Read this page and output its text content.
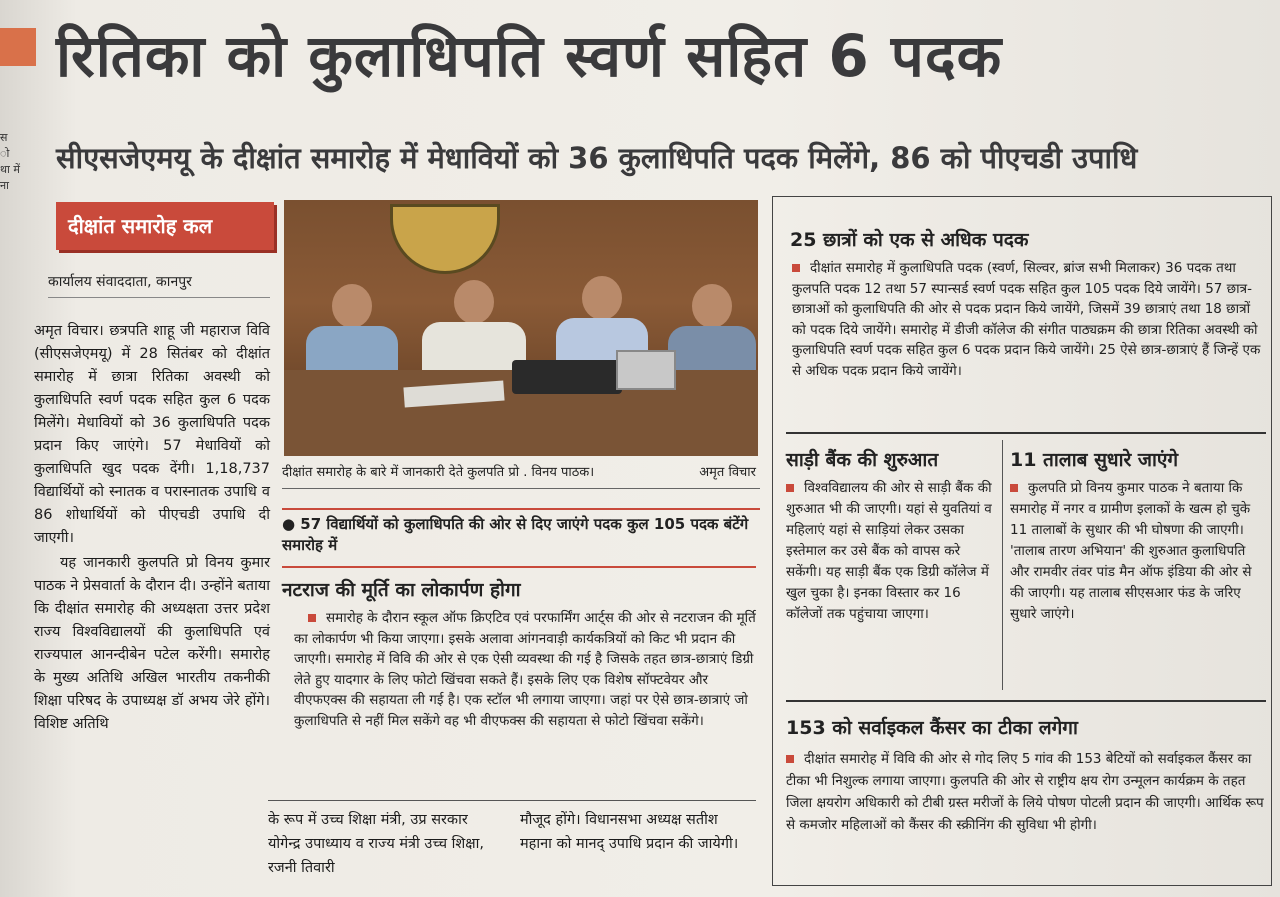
स
ो
था में
ना
रितिका को कुलाधिपति स्वर्ण सहित 6 पदक
सीएसजेएमयू के दीक्षांत समारोह में मेधावियों को 36 कुलाधिपति पदक मिलेंगे, 86 को पीएचडी उपाधि
दीक्षांत समारोह कल
कार्यालय संवाददाता, कानपुर

अमृत विचार। छत्रपति शाहू जी महाराज विवि (सीएसजेएमयू) में 28 सितंबर को दीक्षांत समारोह में छात्रा रितिका अवस्थी को कुलाधिपति स्वर्ण पदक सहित कुल 6 पदक मिलेंगे। मेधावियों को 36 कुलाधिपति पदक प्रदान किए जाएंगे। 57 मेधावियों को कुलाधिपति खुद पदक देंगी। 1,18,737 विद्यार्थियों को स्नातक व परास्नातक उपाधि व 86 शोधार्थियों को पीएचडी उपाधि दी जाएगी।

यह जानकारी कुलपति प्रो विनय कुमार पाठक ने प्रेसवार्ता के दौरान दी। उन्होंने बताया कि दीक्षांत समारोह की अध्यक्षता उत्तर प्रदेश राज्य विश्वविद्यालयों की कुलाधिपति एवं राज्यपाल आनन्दीबेन पटेल करेंगी। समारोह के मुख्य अतिथि अखिल भारतीय तकनीकी शिक्षा परिषद के उपाध्यक्ष डॉ अभय जेरे होंगे। विशिष्ट अतिथि

दीक्षांत समारोह के बारे में जानकारी देते कुलपति प्रो . विनय पाठक।	अमृत विचार
● 57 विद्यार्थियों को कुलाधिपति की ओर से दिए जाएंगे पदक कुल 105 पदक बंटेंगे समारोह में
नटराज की मूर्ति का लोकार्पण होगा
समारोह के दौरान स्कूल ऑफ क्रिएटिव एवं परफार्मिंग आर्ट्स की ओर से नटराजन की मूर्ति का लोकार्पण भी किया जाएगा। इसके अलावा आंगनवाड़ी कार्यकत्रियों को किट भी प्रदान की जाएगी। समारोह में विवि की ओर से एक ऐसी व्यवस्था की गई है जिसके तहत छात्र-छात्राएं डिग्री लेते हुए यादगार के लिए फोटो खिंचवा सकते हैं। इसके लिए एक विशेष सॉफ्टवेयर और वीएफएक्स की सहायता ली गई है। एक स्टॉल भी लगाया जाएगा। जहां पर ऐसे छात्र-छात्राएं जो कुलाधिपति से नहीं मिल सकेंगे वह भी वीएफक्स की सहायता से फोटो खिंचवा सकेंगे।
के रूप में उच्च शिक्षा मंत्री, उप्र सरकार योगेन्द्र उपाध्याय व राज्य मंत्री उच्च शिक्षा, रजनी तिवारी
मौजूद होंगे। विधानसभा अध्यक्ष सतीश महाना को मानद् उपाधि प्रदान की जायेगी।
25 छात्रों को एक से अधिक पदक
दीक्षांत समारोह में कुलाधिपति पदक (स्वर्ण, सिल्वर, ब्रांज सभी मिलाकर) 36 पदक तथा कुलपति पदक 12 तथा 57 स्पान्सर्ड स्वर्ण पदक सहित कुल 105 पदक दिये जायेंगे। 57 छात्र-छात्राओं को कुलाधिपति की ओर से पदक प्रदान किये जायेंगे, जिसमें 39 छात्राएं तथा 18 छात्रों को पदक दिये जायेंगे। समारोह में डीजी कॉलेज की संगीत पाठ्यक्रम की छात्रा रितिका अवस्थी को कुलाधिपति स्वर्ण पदक सहित कुल 6 पदक प्रदान किये जायेंगे। 25 ऐसे छात्र-छात्राएं हैं जिन्हें एक से अधिक पदक प्रदान किये जायेंगे।
साड़ी बैंक की शुरुआत
विश्वविद्यालय की ओर से साड़ी बैंक की शुरुआत भी की जाएगी। यहां से युवतियां व महिलाएं यहां से साड़ियां लेकर उसका इस्तेमाल कर उसे बैंक को वापस करे सकेंगी। यह साड़ी बैंक एक डिग्री कॉलेज में खुल चुका है। इनका विस्तार कर 16 कॉलेजों तक पहुंचाया जाएगा।
11 तालाब सुधारे जाएंगे
कुलपति प्रो विनय कुमार पाठक ने बताया कि समारोह में नगर व ग्रामीण इलाकों के खत्म हो चुके 11 तालाबों के सुधार की भी घोषणा की जाएगी। 'तालाब तारण अभियान' की शुरुआत कुलाधिपति और रामवीर तंवर पांड मैन ऑफ इंडिया की ओर से की जाएगी। यह तालाब सीएसआर फंड के जरिए सुधारे जाएंगे।
153 को सर्वाइकल कैंसर का टीका लगेगा
दीक्षांत समारोह में विवि की ओर से गोद लिए 5 गांव की 153 बेटियों को सर्वाइकल कैंसर का टीका भी निशुल्क लगाया जाएगा। कुलपति की ओर से राष्ट्रीय क्षय रोग उन्मूलन कार्यक्रम के तहत जिला क्षयरोग अधिकारी को टीबी ग्रस्त मरीजों के लिये पोषण पोटली प्रदान की जाएगी। आर्थिक रूप से कमजोर महिलाओं को कैंसर की स्क्रीनिंग की सुविधा भी होगी।
